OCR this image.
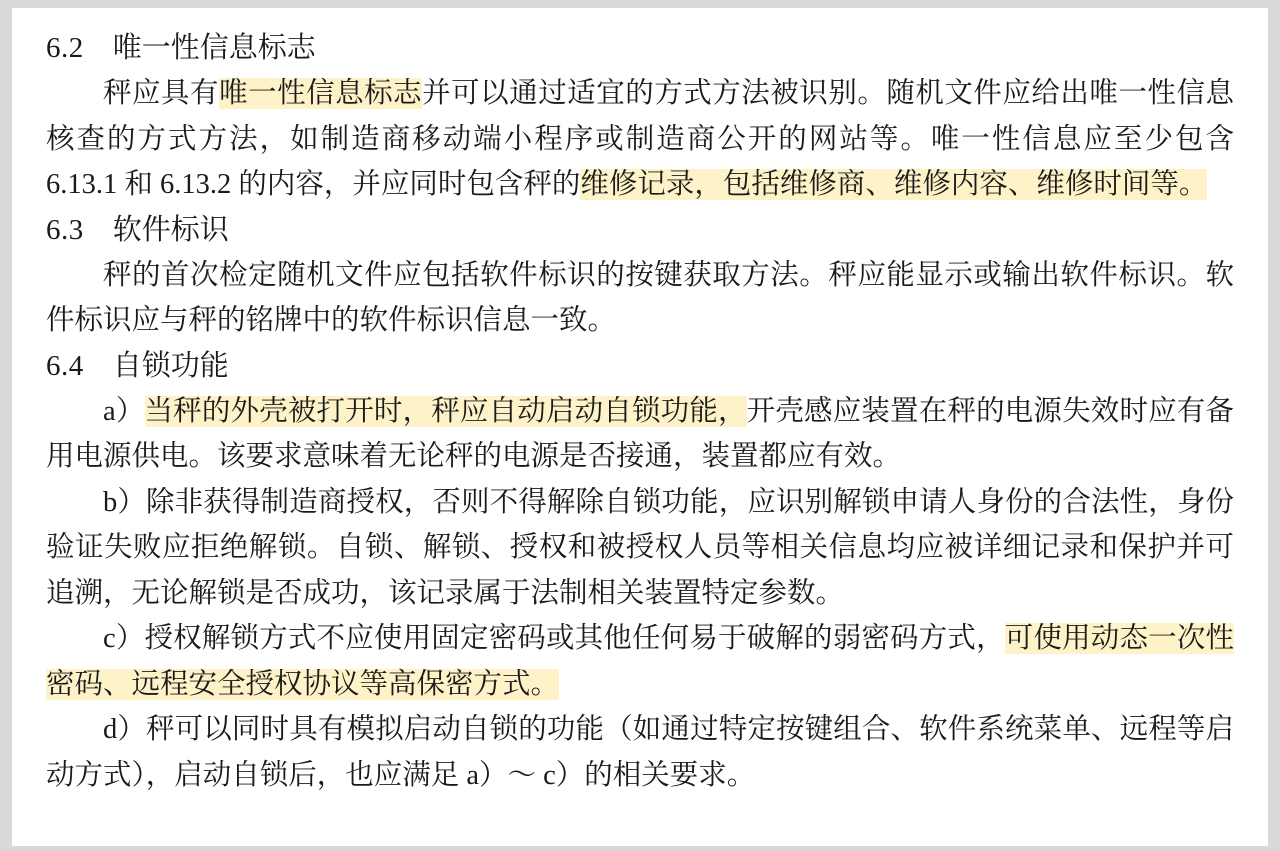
6.2　 唯一性信息标志

秤应具有唯一性信息标志并可以通过适宜的方式方法被识别。随机文件应给出唯一性信息核查的方式方法，如制造商移动端小程序或制造商公开的网站等。唯一性信息应至少包含 6.13.1 和 6.13.2 的内容，并应同时包含秤的维修记录，包括维修商、维修内容、维修时间等。

6.3　 软件标识

秤的首次检定随机文件应包括软件标识的按键获取方法。秤应能显示或输出软件标识。软件标识应与秤的铭牌中的软件标识信息一致。

6.4　 自锁功能

a）当秤的外壳被打开时，秤应自动启动自锁功能，开壳感应装置在秤的电源失效时应有备用电源供电。该要求意味着无论秤的电源是否接通，装置都应有效。

b）除非获得制造商授权，否则不得解除自锁功能，应识别解锁申请人身份的合法性，身份验证失败应拒绝解锁。自锁、解锁、授权和被授权人员等相关信息均应被详细记录和保护并可追溯，无论解锁是否成功，该记录属于法制相关装置特定参数。

c）授权解锁方式不应使用固定密码或其他任何易于破解的弱密码方式，可使用动态一次性密码、远程安全授权协议等高保密方式。

d）秤可以同时具有模拟启动自锁的功能（如通过特定按键组合、软件系统菜单、远程等启动方式），启动自锁后，也应满足 a）～ c）的相关要求。
